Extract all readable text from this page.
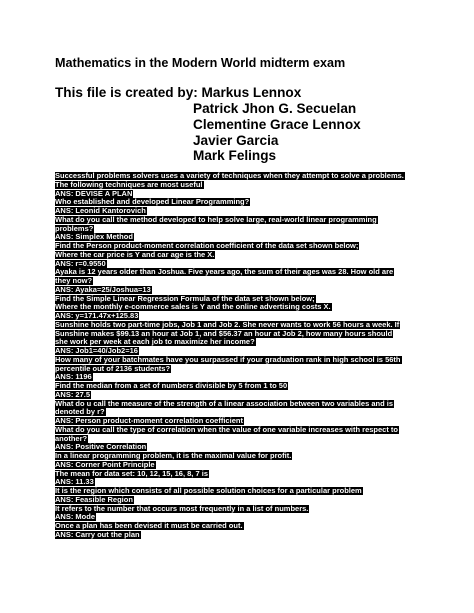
Mathematics in the Modern World midterm exam
This file is created by: Markus Lennox
Patrick Jhon G. Secuelan
Clementine Grace Lennox
Javier Garcia
Mark Felings
Successful problems solvers uses a variety of techniques when they attempt to solve a problems.
The following techniques are most useful
ANS: DEVISE A PLAN
Who established and developed Linear Programming?
ANS: Leonid Kantorovich
What do you call the method developed to help solve large, real-world linear programming
problems?
ANS: Simplex Method
Find the Person product-moment correlation coefficient of the data set shown below;
Where the car price is Y and car age is the X.
ANS: r=0.9550
Ayaka is 12 years older than Joshua. Five years ago, the sum of their ages was 28. How old are
they now?
ANS: Ayaka=25/Joshua=13
Find the Simple Linear Regression Formula of the data set shown below;
Where the monthly e-commerce sales is Y and the online advertising costs X.
ANS: y=171.47x+125.83
Sunshine holds two part-time jobs, Job 1 and Job 2. She never wants to work 56 hours a week. If
Sunshine makes $99.13 an hour at Job 1, and $56.37 an hour at Job 2, how many hours should
she work per week at each job to maximize her income?
ANS: Job1=40/Job2=16
How many of your batchmates have you surpassed if your graduation rank in high school is 56th
percentile out of 2136 students?
ANS: 1196
Find the median from a set of numbers divisible by 5 from 1 to 50
ANS: 27.5
What do u call the measure of the strength of a linear association between two variables and is
denoted by r?
ANS: Person product-moment correlation coefficient
What do you call the type of correlation when the value of one variable increases with respect to
another?
ANS: Positive Correlation
In a linear programming problem, it is the maximal value for profit.
ANS: Corner Point Principle
The mean for data set: 10, 12, 15, 16, 8, 7 is
ANS: 11.33
It is the region which consists of all possible solution choices for a particular problem
ANS: Feasible Region
It refers to the number that occurs most frequently in a list of numbers.
ANS: Mode
Once a plan has been devised it must be carried out.
ANS: Carry out the plan
